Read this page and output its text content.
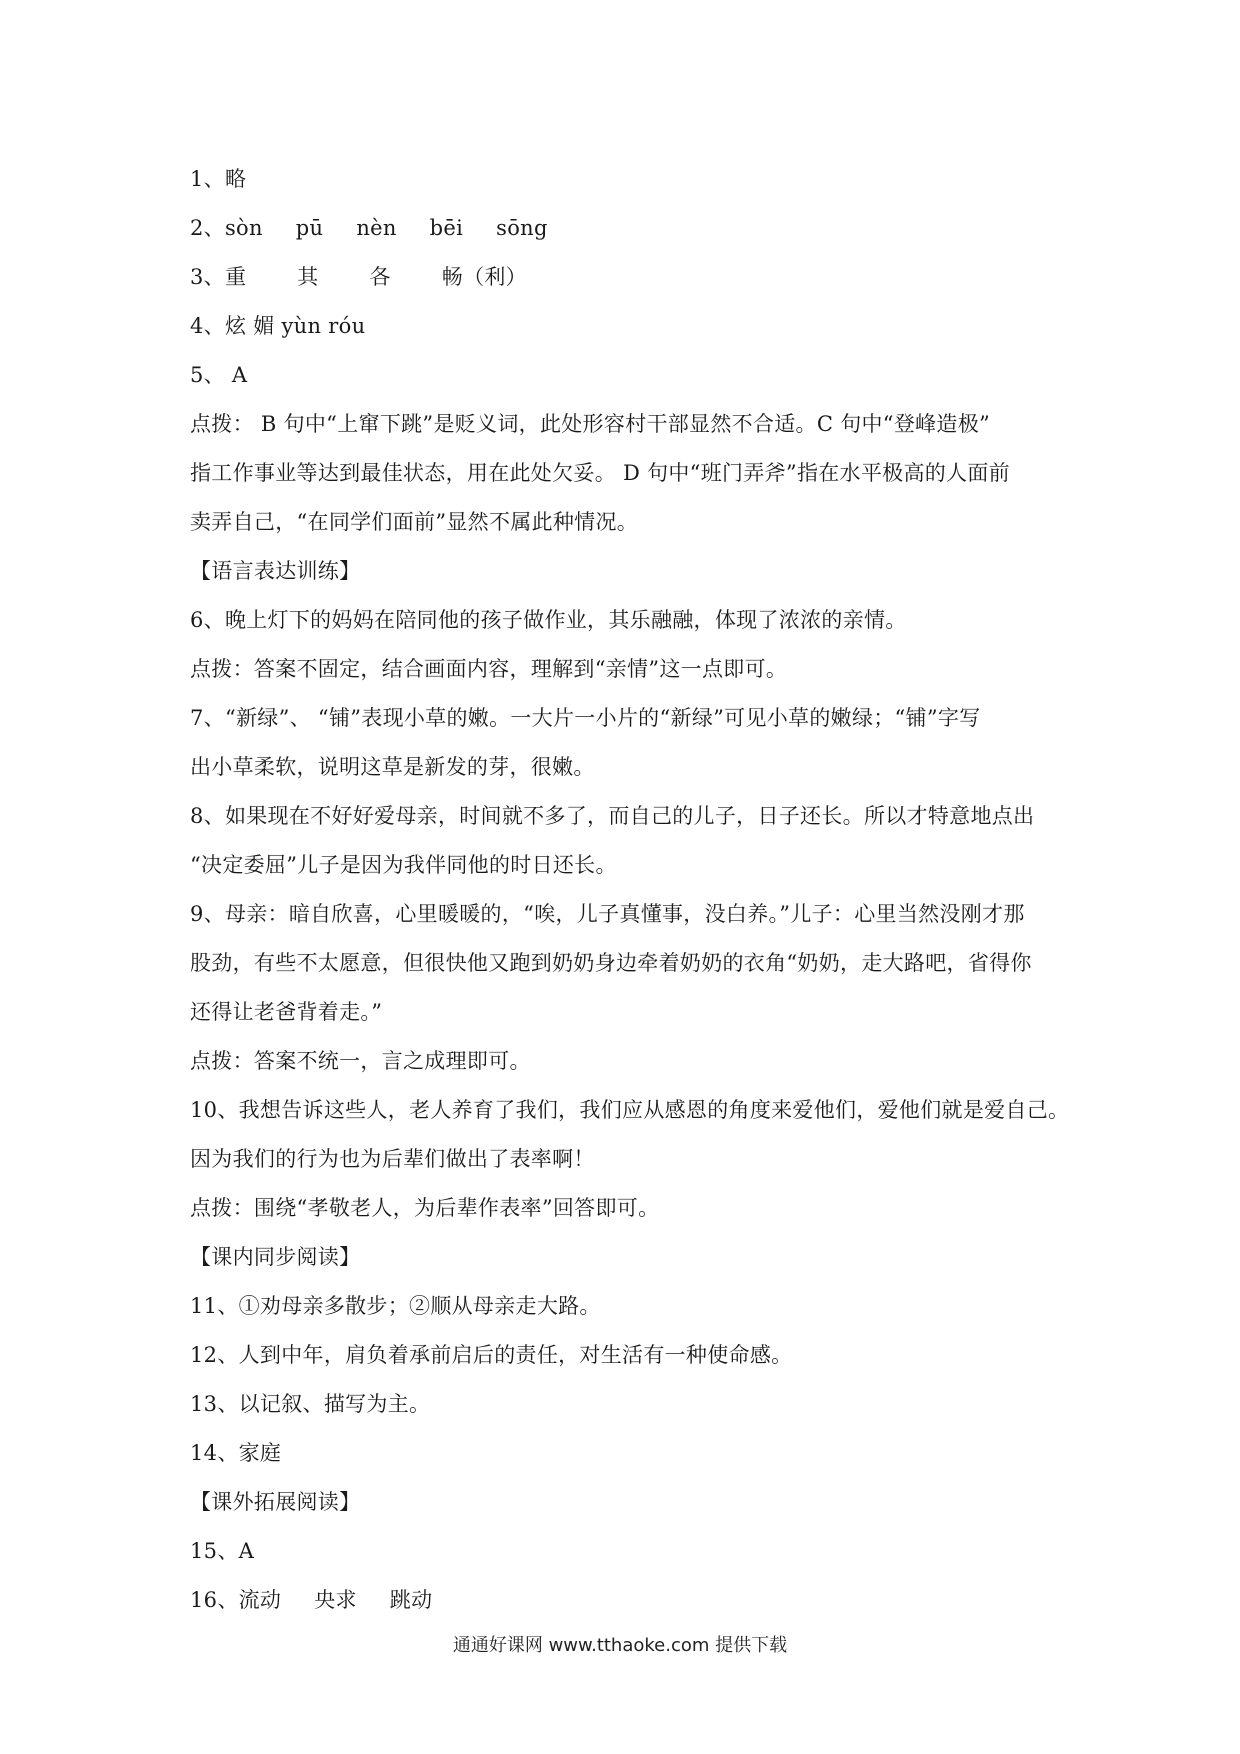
1、略
2、sòn pū nèn bēi sōng
3、重 其 各 畅（利）
4、炫 媚 yùn róu
5、 A
点拨： B 句中“上窜下跳”是贬义词，此处形容村干部显然不合适。C 句中“登峰造极”
指工作事业等达到最佳状态，用在此处欠妥。 D 句中“班门弄斧”指在水平极高的人面前
卖弄自己，“在同学们面前”显然不属此种情况。
【语言表达训练】
6、晚上灯下的妈妈在陪同他的孩子做作业，其乐融融，体现了浓浓的亲情。
点拨：答案不固定，结合画面内容，理解到“亲情”这一点即可。
7、“新绿”、 “铺”表现小草的嫩。一大片一小片的“新绿”可见小草的嫩绿；“铺”字写
出小草柔软，说明这草是新发的芽，很嫩。
8、如果现在不好好爱母亲，时间就不多了，而自己的儿子，日子还长。所以才特意地点出
“决定委屈”儿子是因为我伴同他的时日还长。
9、母亲：暗自欣喜，心里暖暖的，“唉，儿子真懂事，没白养。”儿子：心里当然没刚才那
股劲，有些不太愿意，但很快他又跑到奶奶身边牵着奶奶的衣角“奶奶，走大路吧，省得你
还得让老爸背着走。”
点拨：答案不统一，言之成理即可。
10、我想告诉这些人，老人养育了我们，我们应从感恩的角度来爱他们，爱他们就是爱自己。
因为我们的行为也为后辈们做出了表率啊！
点拨：围绕“孝敬老人，为后辈作表率”回答即可。
【课内同步阅读】
11、①劝母亲多散步；②顺从母亲走大路。
12、人到中年，肩负着承前启后的责任，对生活有一种使命感。
13、以记叙、描写为主。
14、家庭
【课外拓展阅读】
15、A
16、流动 央求 跳动
通通好课网 www.tthaoke.com 提供下载
